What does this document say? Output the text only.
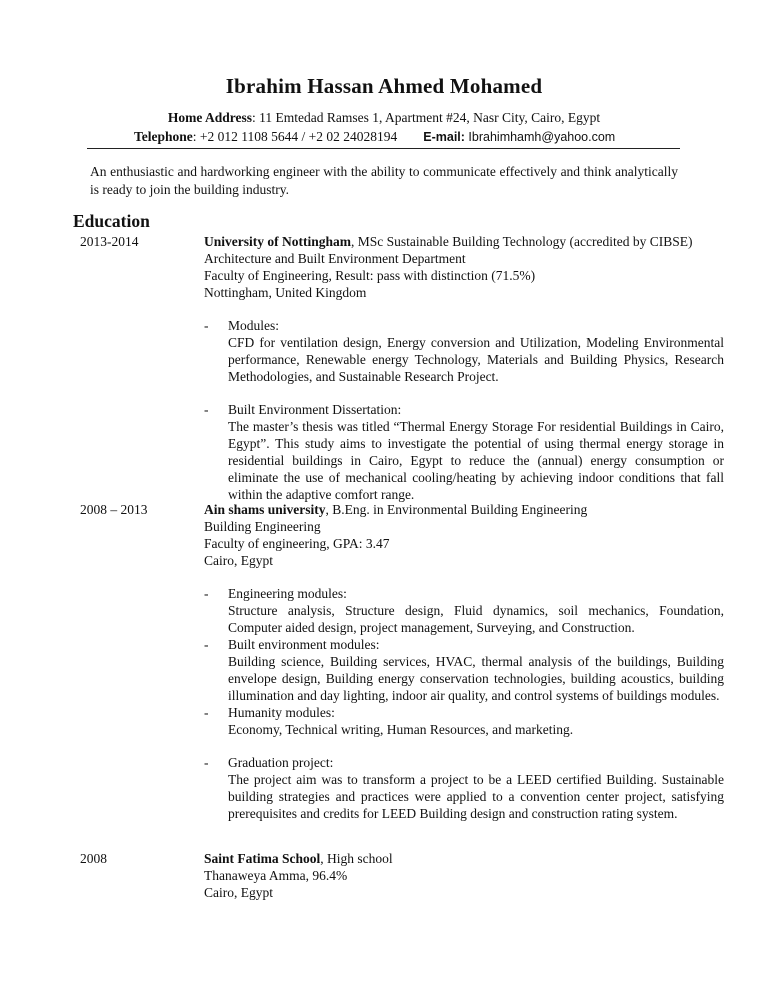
Ibrahim Hassan Ahmed Mohamed
Home Address: 11 Emtedad Ramses 1, Apartment #24, Nasr City, Cairo, Egypt
Telephone: +2 012 1108 5644 / +2 02 24028194 E-mail: Ibrahimhamh@yahoo.com
An enthusiastic and hardworking engineer with the ability to communicate effectively and think analytically is ready to join the building industry.
Education
2013-2014	University of Nottingham, MSc Sustainable Building Technology (accredited by CIBSE)

Architecture and Built Environment Department

Faculty of Engineering, Result: pass with distinction (71.5%)

Nottingham, United Kingdom

- Modules:

CFD for ventilation design, Energy conversion and Utilization, Modeling Environmental performance, Renewable energy Technology, Materials and Building Physics, Research Methodologies, and Sustainable Research Project.

- Built Environment Dissertation:

The master’s thesis was titled “Thermal Energy Storage For residential Buildings in Cairo, Egypt”. This study aims to investigate the potential of using thermal energy storage in residential buildings in Cairo, Egypt to reduce the (annual) energy consumption or eliminate the use of mechanical cooling/heating by achieving indoor conditions that fall within the adaptive comfort range.

2008 – 2013	Ain shams university, B.Eng. in Environmental Building Engineering

Building Engineering

Faculty of engineering, GPA: 3.47

Cairo, Egypt

- Engineering modules:

Structure analysis, Structure design, Fluid dynamics, soil mechanics, Foundation, Computer aided design, project management, Surveying, and Construction.

- Built environment modules:

Building science, Building services, HVAC, thermal analysis of the buildings, Building envelope design, Building energy conservation technologies, building acoustics, building illumination and day lighting, indoor air quality, and control systems of buildings modules.

- Humanity modules:

Economy, Technical writing, Human Resources, and marketing.

- Graduation project:

The project aim was to transform a project to be a LEED certified Building. Sustainable building strategies and practices were applied to a convention center project, satisfying prerequisites and credits for LEED Building design and construction rating system.

2008	Saint Fatima School, High school

Thanaweya Amma, 96.4%

Cairo, Egypt
